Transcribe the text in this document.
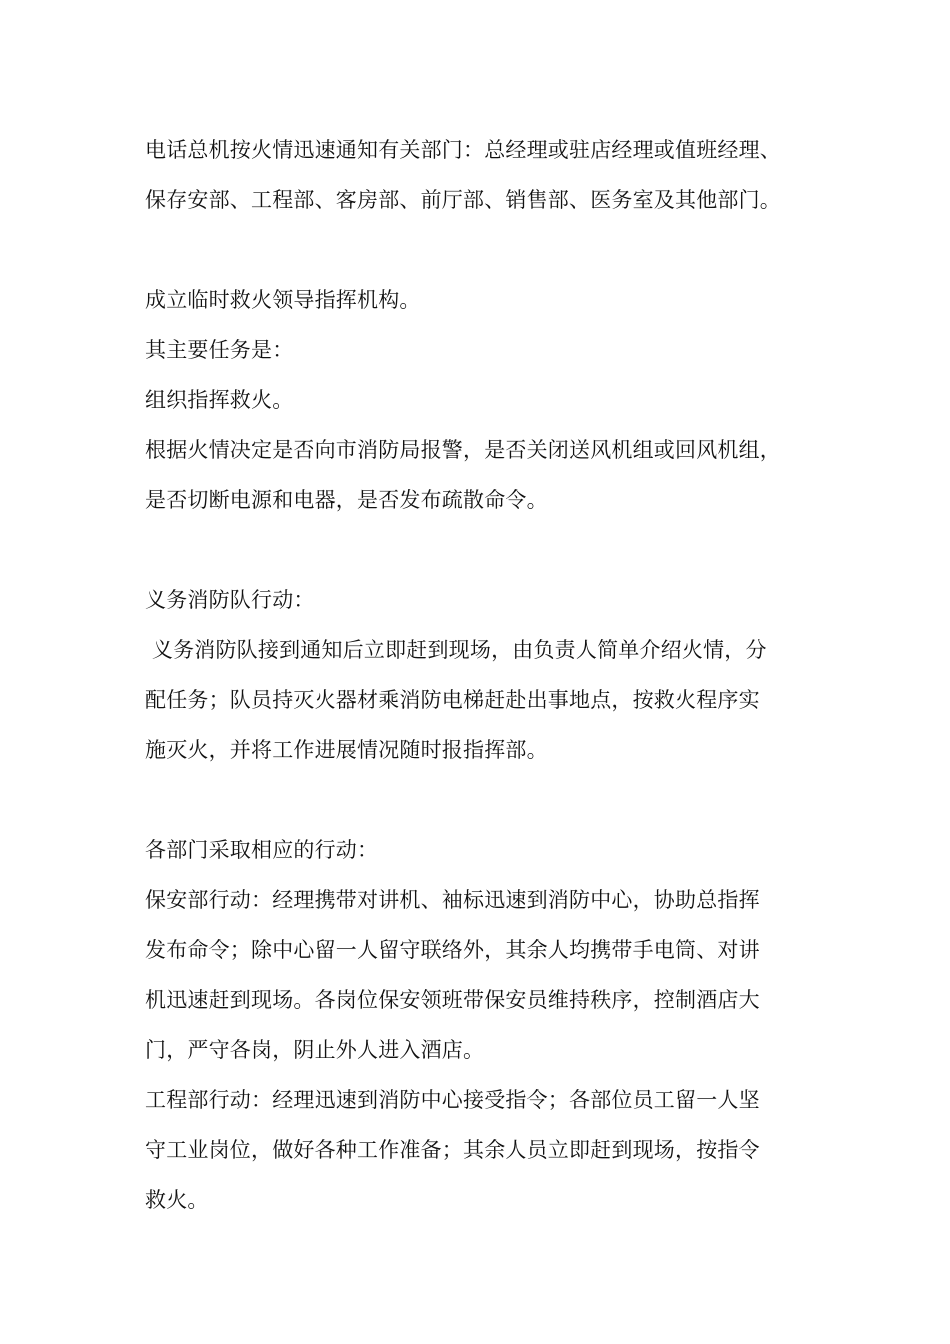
电话总机按火情迅速通知有关部门：总经理或驻店经理或值班经理、
保存安部、工程部、客房部、前厅部、销售部、医务室及其他部门。
成立临时救火领导指挥机构。
其主要任务是：
组织指挥救火。
根据火情决定是否向市消防局报警，是否关闭送风机组或回风机组，
是否切断电源和电器，是否发布疏散命令。
义务消防队行动：
义务消防队接到通知后立即赶到现场，由负责人简单介绍火情，分
配任务；队员持灭火器材乘消防电梯赶赴出事地点，按救火程序实
施灭火，并将工作进展情况随时报指挥部。
各部门采取相应的行动：
保安部行动：经理携带对讲机、袖标迅速到消防中心，协助总指挥
发布命令；除中心留一人留守联络外，其余人均携带手电筒、对讲
机迅速赶到现场。各岗位保安领班带保安员维持秩序，控制酒店大
门，严守各岗，阴止外人进入酒店。
工程部行动：经理迅速到消防中心接受指令；各部位员工留一人坚
守工业岗位，做好各种工作准备；其余人员立即赶到现场，按指令
救火。
